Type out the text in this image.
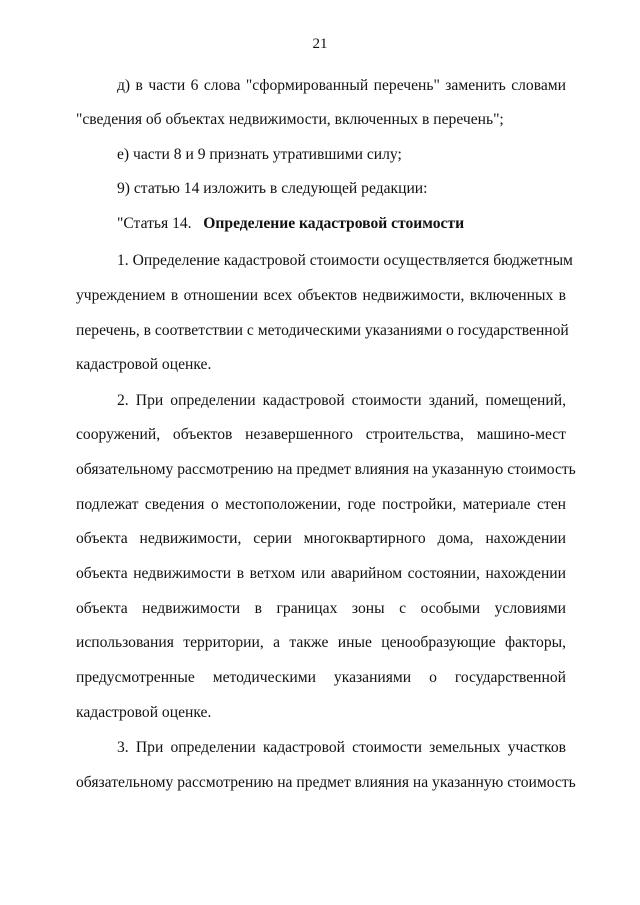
21
д) в части 6 слова "сформированный перечень" заменить словами
"сведения об объектах недвижимости, включенных в перечень";
е) части 8 и 9 признать утратившими силу;
9) статью 14 изложить в следующей редакции:
"Статья 14. Определение кадастровой стоимости
1. Определение кадастровой стоимости осуществляется бюджетным
учреждением в отношении всех объектов недвижимости, включенных в
перечень, в соответствии с методическими указаниями о государственной
кадастровой оценке.
2. При определении кадастровой стоимости зданий, помещений,
сооружений, объектов незавершенного строительства, машино-мест
обязательному рассмотрению на предмет влияния на указанную стоимость
подлежат сведения о местоположении, годе постройки, материале стен
объекта недвижимости, серии многоквартирного дома, нахождении
объекта недвижимости в ветхом или аварийном состоянии, нахождении
объекта недвижимости в границах зоны с особыми условиями
использования территории, а также иные ценообразующие факторы,
предусмотренные методическими указаниями о государственной
кадастровой оценке.
3. При определении кадастровой стоимости земельных участков
обязательному рассмотрению на предмет влияния на указанную стоимость
